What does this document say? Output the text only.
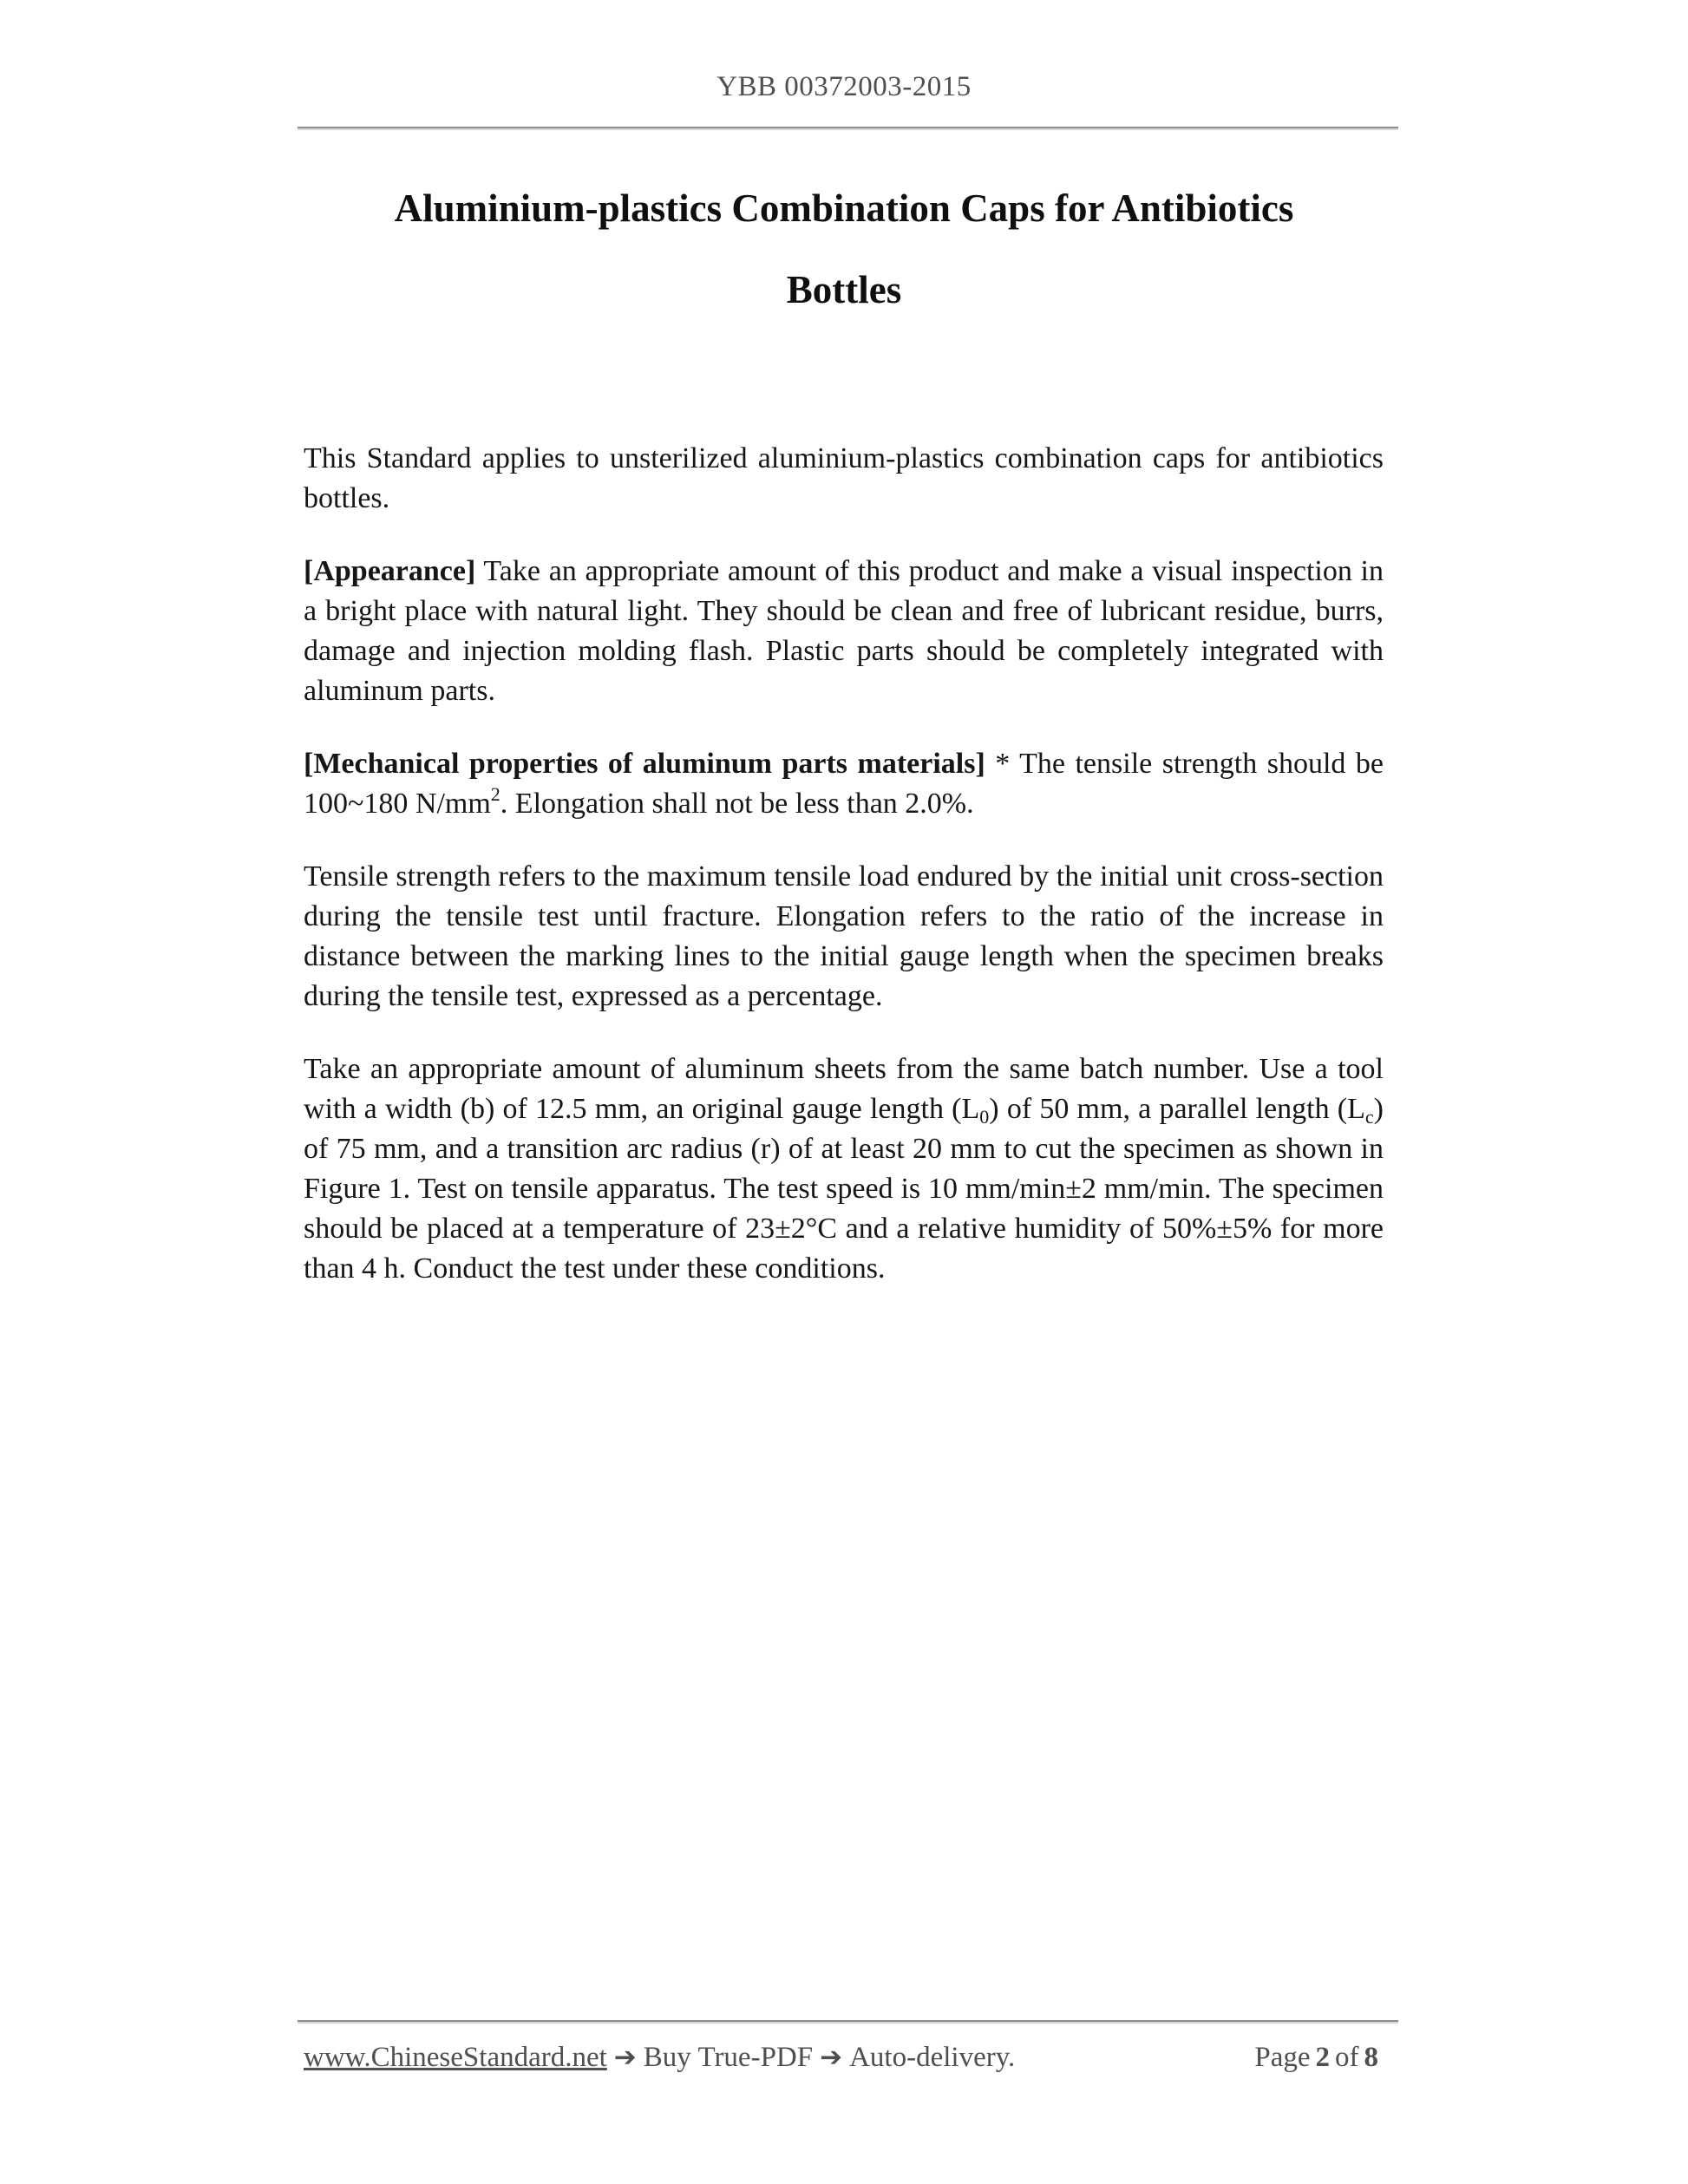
YBB 00372003-2015
Aluminium-plastics Combination Caps for Antibiotics
Bottles

This Standard applies to unsterilized aluminium-plastics combination caps for antibiotics bottles.

[Appearance] Take an appropriate amount of this product and make a visual inspection in a bright place with natural light. They should be clean and free of lubricant residue, burrs, damage and injection molding flash. Plastic parts should be completely integrated with aluminum parts.

[Mechanical properties of aluminum parts materials] * The tensile strength should be 100~180 $N/mm^2$. Elongation shall not be less than 2.0%.

Tensile strength refers to the maximum tensile load endured by the initial unit cross-section during the tensile test until fracture. Elongation refers to the ratio of the increase in distance between the marking lines to the initial gauge length when the specimen breaks during the tensile test, expressed as a percentage.

Take an appropriate amount of aluminum sheets from the same batch number. Use a tool with a width (b) of 12.5 mm, an original gauge length $(L_0)$ of 50 mm, a parallel length $(L_c)$ of 75 mm, and a transition arc radius (r) of at least 20 mm to cut the specimen as shown in Figure 1. Test on tensile apparatus. The test speed is 10 mm/min±2 mm/min. The specimen should be placed at a temperature of 23±2°C and a relative humidity of 50%±5% for more than 4 h. Conduct the test under these conditions.

www.ChineseStandard.net ➔ Buy True-PDF ➔ Auto-delivery.	Page 2 of 8
